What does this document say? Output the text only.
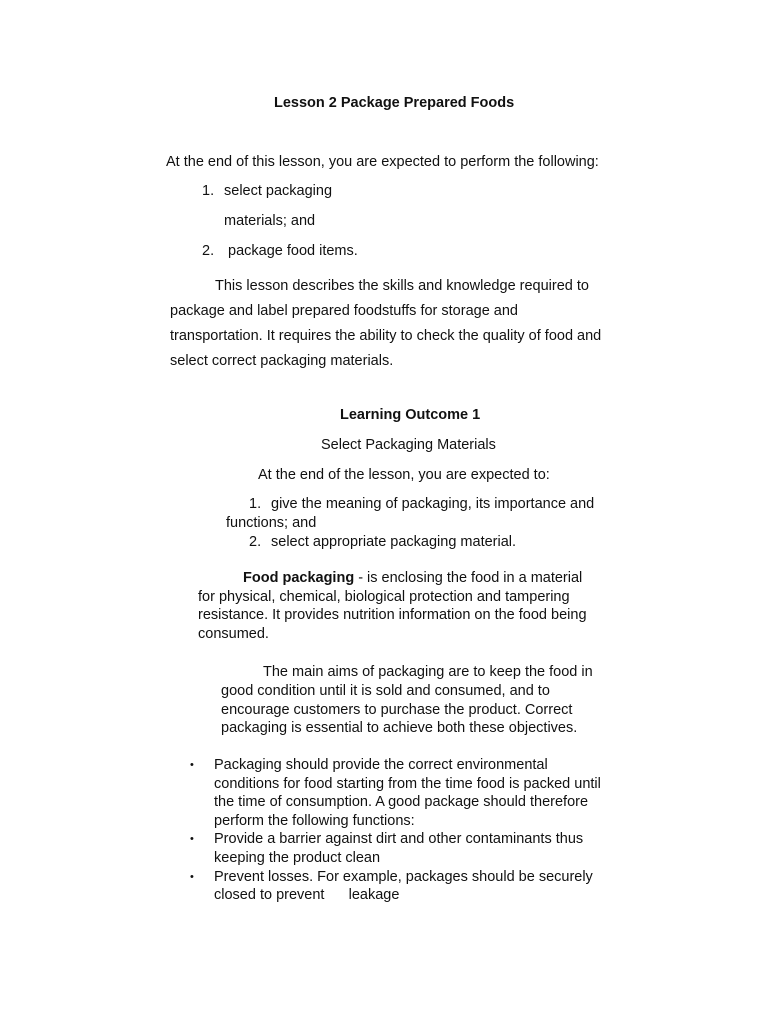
Lesson 2 Package Prepared Foods
At the end of this lesson, you are expected to perform the following:
1. select packaging
materials; and
2. package food items.
This lesson describes the skills and knowledge required to
package and label prepared foodstuffs for storage and
transportation. It requires the ability to check the quality of food and
select correct packaging materials.
Learning Outcome 1
Select Packaging Materials
At the end of the lesson, you are expected to:
1. give the meaning of packaging, its importance and
functions; and
2. select appropriate packaging material.
Food packaging - is enclosing the food in a material
for physical, chemical, biological protection and tampering
resistance. It provides nutrition information on the food being
consumed.
The main aims of packaging are to keep the food in
good condition until it is sold and consumed, and to
encourage customers to purchase the product. Correct
packaging is essential to achieve both these objectives.
• Packaging should provide the correct environmental
conditions for food starting from the time food is packed until
the time of consumption. A good package should therefore
perform the following functions:
• Provide a barrier against dirt and other contaminants thus
keeping the product clean
• Prevent losses. For example, packages should be securely
closed to prevent      leakage
